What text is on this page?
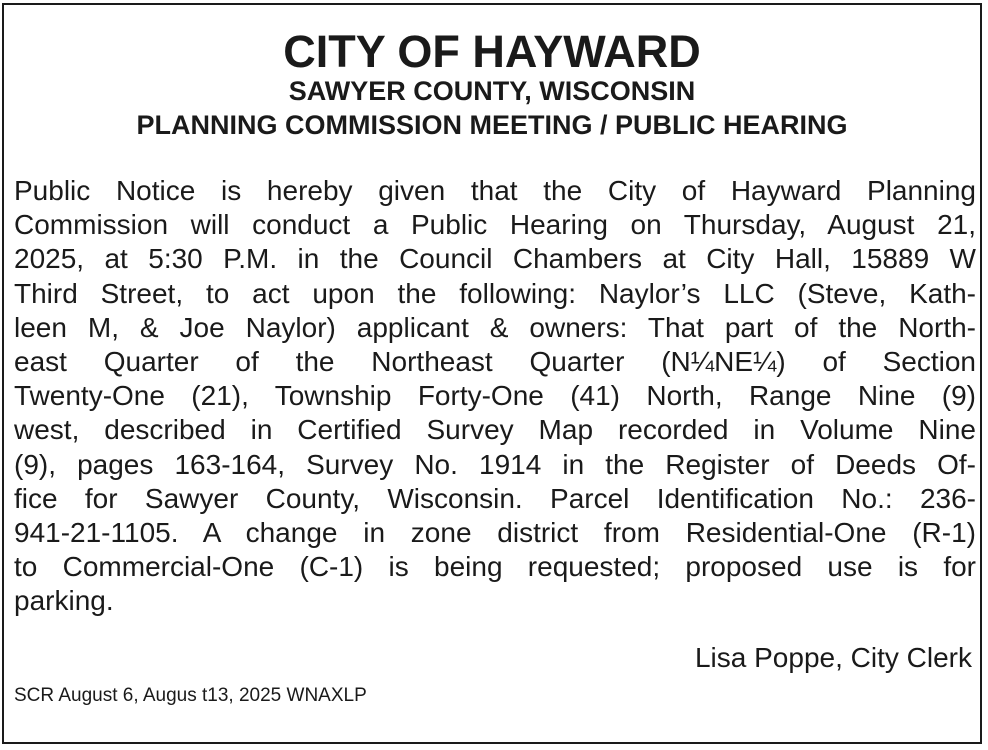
CITY OF HAYWARD
SAWYER COUNTY, WISCONSIN
PLANNING COMMISSION MEETING / PUBLIC HEARING
Public Notice is hereby given that the City of Hayward Planning
Commission will conduct a Public Hearing on Thursday, August 21,
2025, at 5:30 P.M. in the Council Chambers at City Hall, 15889 W
Third Street, to act upon the following: Naylor’s LLC (Steve, Kath-
leen M, & Joe Naylor) applicant & owners: That part of the North-
east Quarter of the Northeast Quarter (N¼NE¼) of Section
Twenty-One (21), Township Forty-One (41) North, Range Nine (9)
west, described in Certified Survey Map recorded in Volume Nine
(9), pages 163-164, Survey No. 1914 in the Register of Deeds Of-
fice for Sawyer County, Wisconsin. Parcel Identification No.: 236-
941-21-1105. A change in zone district from Residential-One (R-1)
to Commercial-One (C-1) is being requested; proposed use is for
parking.
Lisa Poppe, City Clerk
SCR August 6, Augus t13, 2025 WNAXLP
